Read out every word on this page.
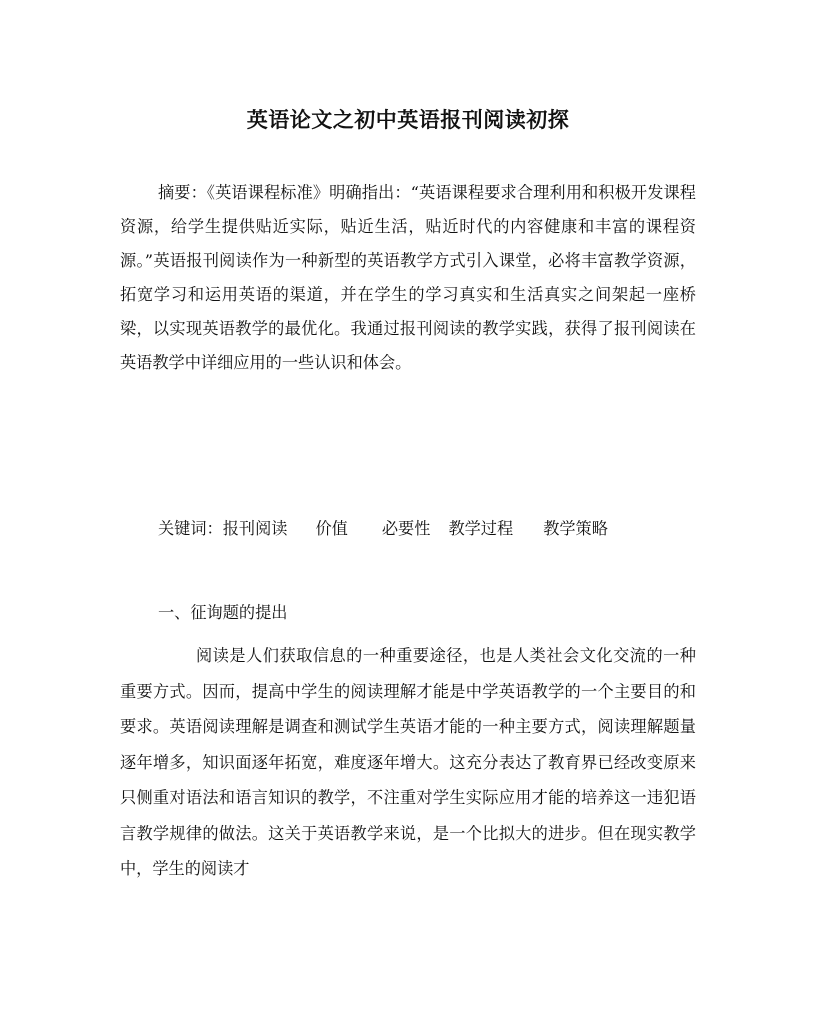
英语论文之初中英语报刊阅读初探

摘要：《英语课程标准》明确指出：“英语课程要求合理利用和积极开发课程资源，给学生提供贴近实际，贴近生活，贴近时代的内容健康和丰富的课程资源。”英语报刊阅读作为一种新型的英语教学方式引入课堂，必将丰富教学资源，拓宽学习和运用英语的渠道，并在学生的学习真实和生活真实之间架起一座桥梁，以实现英语教学的最优化。我通过报刊阅读的教学实践，获得了报刊阅读在英语教学中详细应用的一些认识和体会。

关键词：报刊阅读 价值 必要性 教学过程 教学策略

一、征询题的提出

阅读是人们获取信息的一种重要途径，也是人类社会文化交流的一种重要方式。因而，提高中学生的阅读理解才能是中学英语教学的一个主要目的和要求。英语阅读理解是调查和测试学生英语才能的一种主要方式，阅读理解题量逐年增多，知识面逐年拓宽，难度逐年增大。这充分表达了教育界已经改变原来只侧重对语法和语言知识的教学，不注重对学生实际应用才能的培养这一违犯语言教学规律的做法。这关于英语教学来说，是一个比拟大的进步。但在现实教学中，学生的阅读才
